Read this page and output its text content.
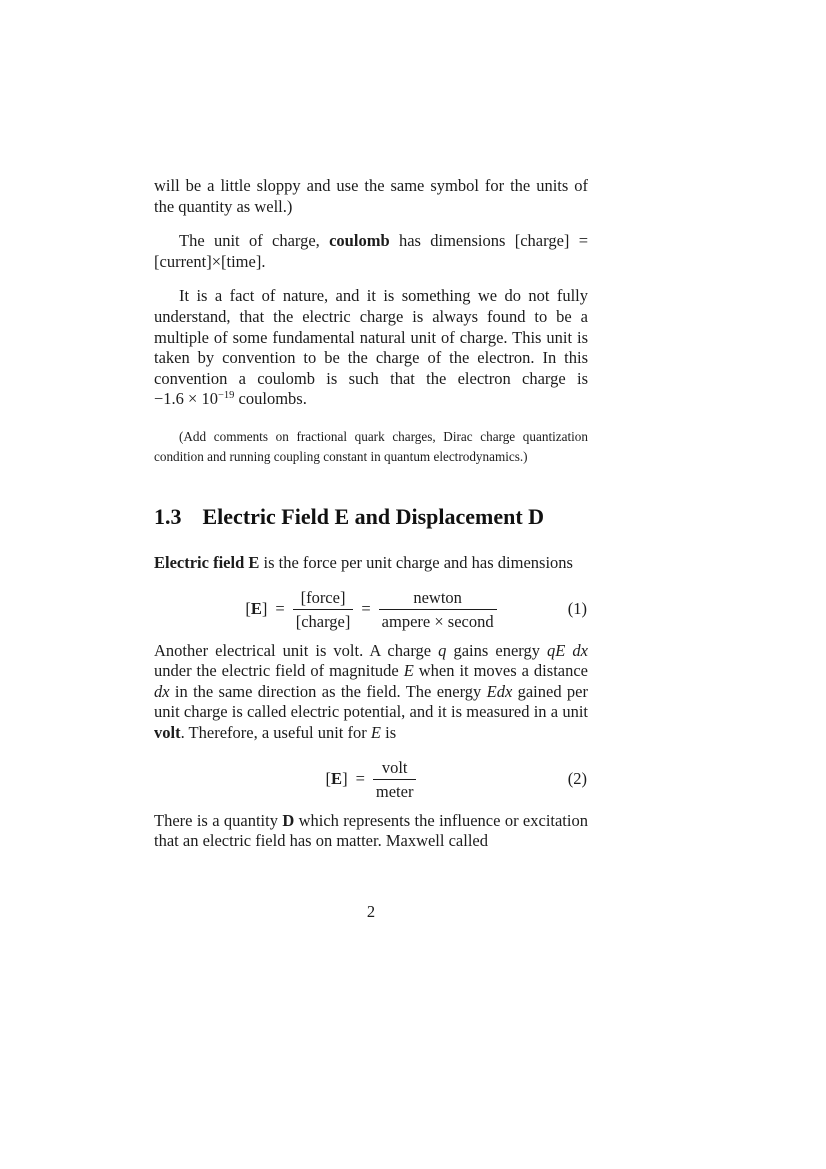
will be a little sloppy and use the same symbol for the units of the quantity as well.)

The unit of charge, coulomb has dimensions [charge] = [current]×[time].

It is a fact of nature, and it is something we do not fully understand, that the electric charge is always found to be a multiple of some fundamental natural unit of charge. This unit is taken by convention to be the charge of the electron. In this convention a coulomb is such that the electron charge is $-1.6 \times 10^{-19}$ coulombs.

(Add comments on fractional quark charges, Dirac charge quantization condition and running coupling constant in quantum electrodynamics.)

1.3 Electric Field E and Displacement D

Electric field E is the force per unit charge and has dimensions

$[E] = \frac{\text{[force]}}{\text{[charge]}} = \frac{\text{newton}}{\text{ampere × second}}$	(1)

Another electrical unit is volt. A charge q gains energy qE dx under the electric field of magnitude E when it moves a distance dx in the same direction as the field. The energy Edx gained per unit charge is called electric potential, and it is measured in a unit volt. Therefore, a useful unit for E is

$[E] = \frac{\text{volt}}{\text{meter}}$	(2)

There is a quantity D which represents the influence or excitation that an electric field has on matter. Maxwell called

2
